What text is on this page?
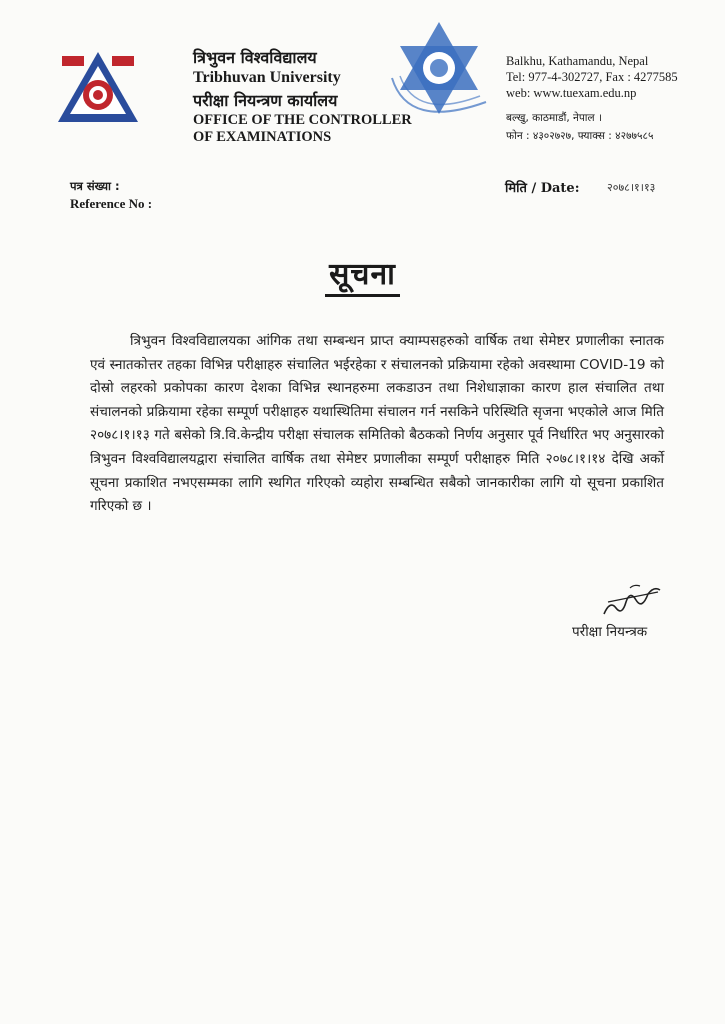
त्रिभुवन विश्वविद्यालय
Tribhuvan University
परीक्षा नियन्त्रण कार्यालय
OFFICE OF THE CONTROLLER
OF EXAMINATIONS
Balkhu, Kathamandu, Nepal
Tel: 977-4-302727, Fax : 4277585
web: www.tuexam.edu.np
बल्खु, काठमाडौं, नेपाल ।
फोन : ४३०२७२७, फ्याक्स : ४२७७५८५
पत्र संख्या :
Reference No :
मिति / Date:	२०७८।१।१३
सूचना
त्रिभुवन विश्वविद्यालयका आंगिक तथा सम्बन्धन प्राप्त क्याम्पसहरुको वार्षिक तथा सेमेष्टर प्रणालीका स्नातक एवं स्नातकोत्तर तहका विभिन्न परीक्षाहरु संचालित भईरहेका र संचालनको प्रक्रियामा रहेको अवस्थामा COVID-19 को दोस्रो लहरको प्रकोपका कारण देशका विभिन्न स्थानहरुमा लकडाउन तथा निशेधाज्ञाका कारण हाल संचालित तथा संचालनको प्रक्रियामा रहेका सम्पूर्ण परीक्षाहरु यथास्थितिमा संचालन गर्न नसकिने परिस्थिति सृजना भएकोले आज मिति २०७८।१।१३ गते बसेको त्रि.वि.केन्द्रीय परीक्षा संचालक समितिको बैठकको निर्णय अनुसार पूर्व निर्धारित भए अनुसारको त्रिभुवन विश्वविद्यालयद्वारा संचालित वार्षिक तथा सेमेष्टर प्रणालीका सम्पूर्ण परीक्षाहरु मिति २०७८।१।१४ देखि अर्को सूचना प्रकाशित नभएसम्मका लागि स्थगित गरिएको व्यहोरा सम्बन्धित सबैको जानकारीका लागि यो सूचना प्रकाशित गरिएको छ ।
परीक्षा नियन्त्रक
